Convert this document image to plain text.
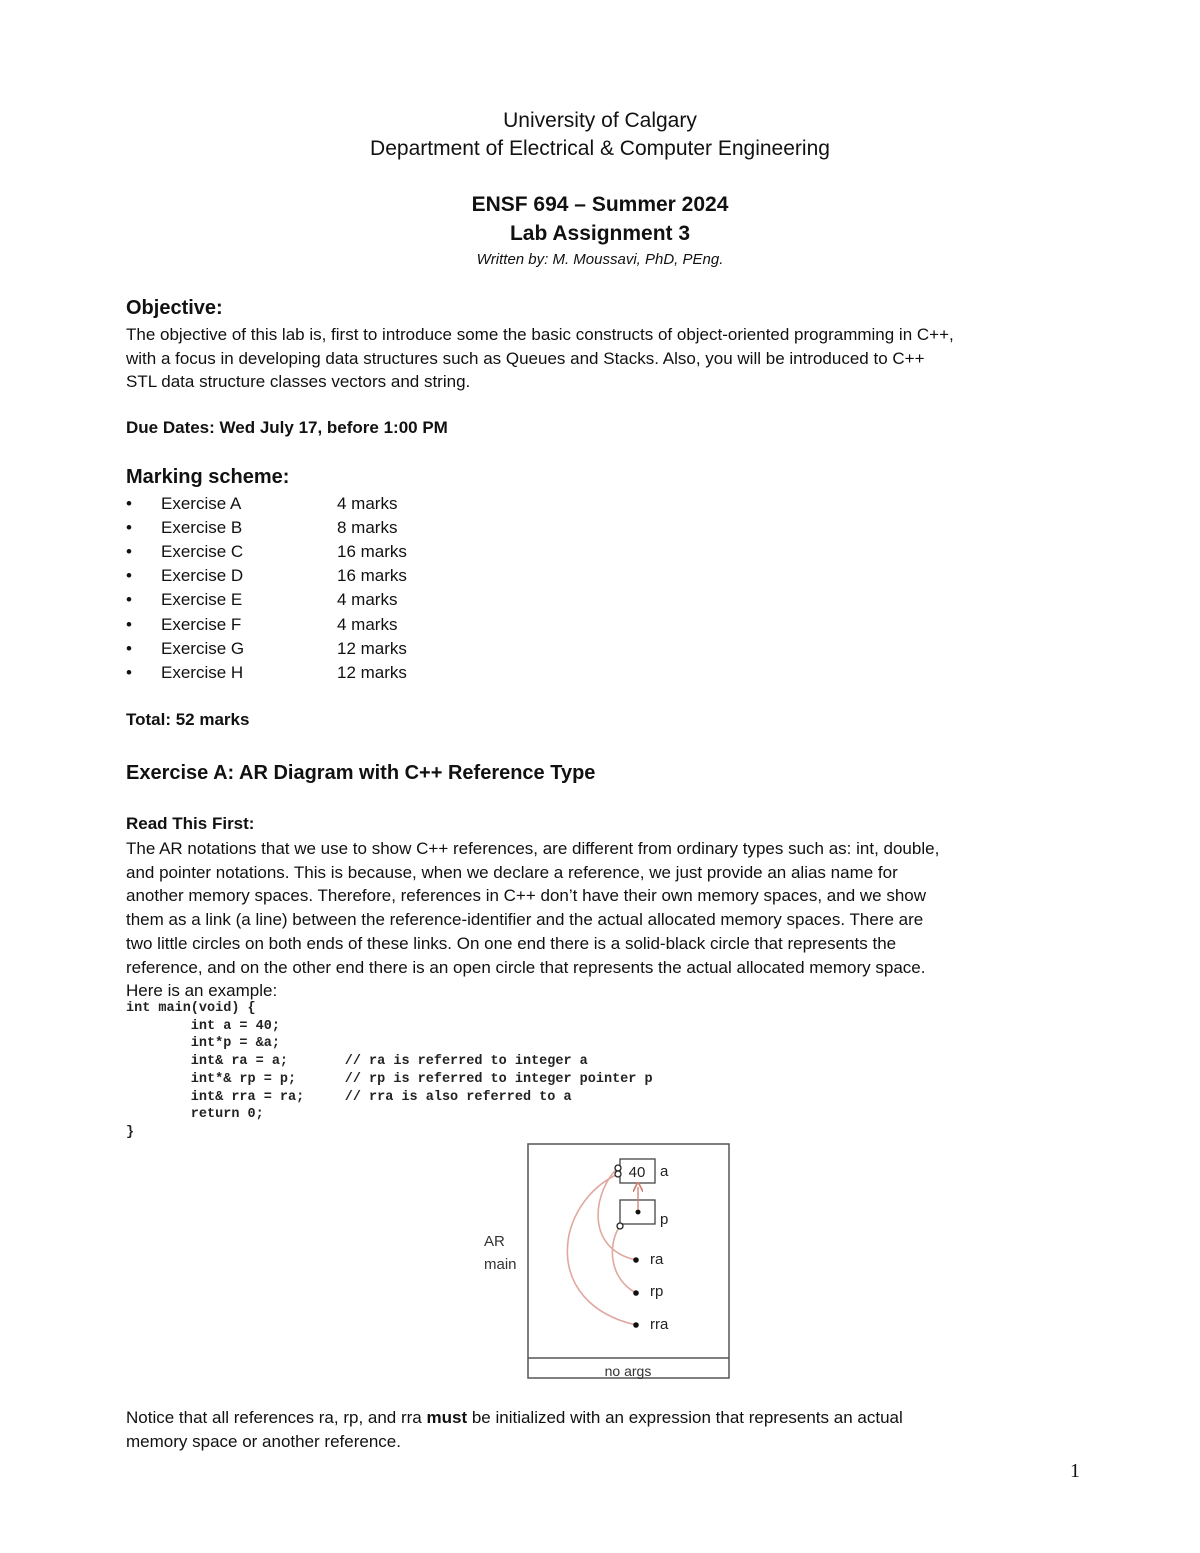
University of Calgary
Department of Electrical & Computer Engineering
ENSF 694 – Summer 2024
Lab Assignment 3
Written by: M. Moussavi, PhD, PEng.
Objective:
The objective of this lab is, first to introduce some the basic constructs of object-oriented programming in C++,
with a focus in developing data structures such as Queues and Stacks. Also, you will be introduced to C++
STL data structure classes vectors and string.
Due Dates: Wed July 17, before 1:00 PM
Marking scheme:
• Exercise A	4 marks
• Exercise B	8 marks
• Exercise C	16 marks
• Exercise D	16 marks
• Exercise E	4 marks
• Exercise F	4 marks
• Exercise G	12 marks
• Exercise H	12 marks
Total: 52 marks
Exercise A: AR Diagram with C++ Reference Type
Read This First:
The AR notations that we use to show C++ references, are different from ordinary types such as: int, double,
and pointer notations. This is because, when we declare a reference, we just provide an alias name for
another memory spaces. Therefore, references in C++ don’t have their own memory spaces, and we show
them as a link (a line) between the reference-identifier and the actual allocated memory spaces. There are
two little circles on both ends of these links. On one end there is a solid-black circle that represents the
reference, and on the other end there is an open circle that represents the actual allocated memory space.
Here is an example:
int main(void) {
int a = 40;
int*p = &a;
int& ra = a;       // ra is referred to integer a
int*& rp = p;      // rp is referred to integer pointer p
int& rra = ra;     // rra is also referred to a
return 0;
}
no args
AR
main
40 a
p
ra
rp
rra
Notice that all references ra, rp, and rra must be initialized with an expression that represents an actual
memory space or another reference.
1
